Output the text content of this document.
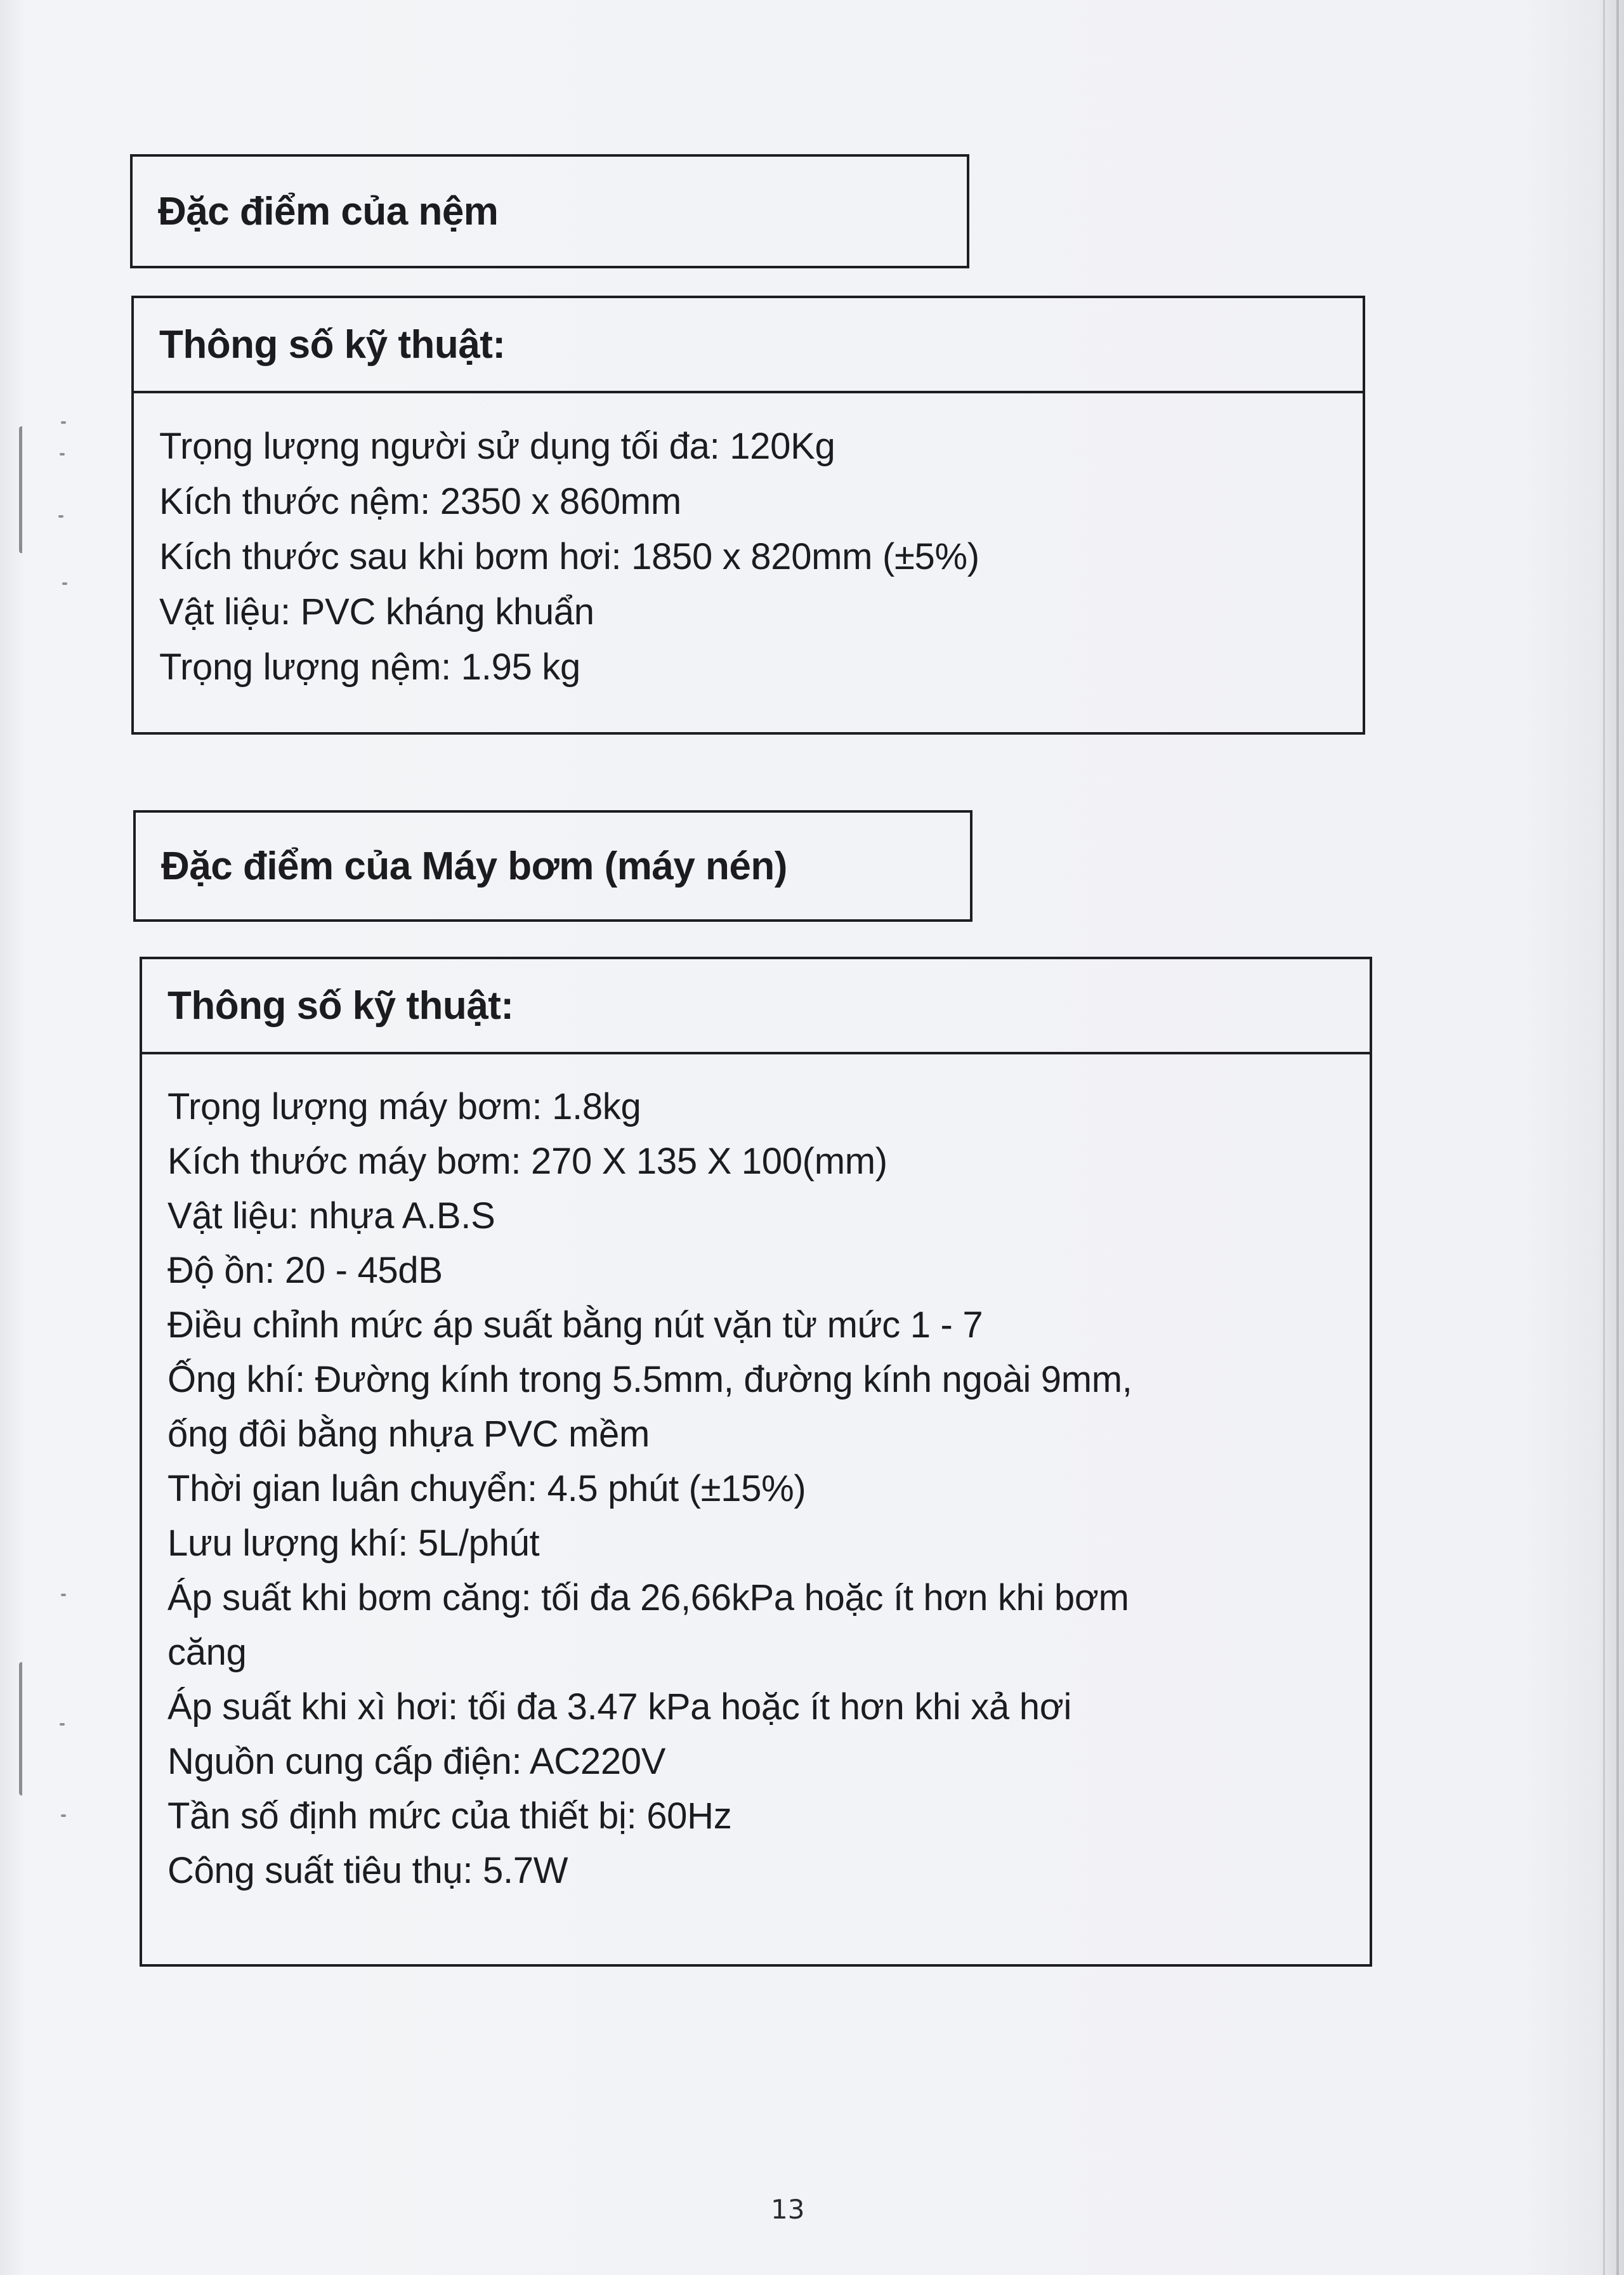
Đặc điểm của nệm
Thông số kỹ thuật:
Trọng lượng người sử dụng tối đa: 120Kg
Kích thước nệm: 2350 x 860mm
Kích thước sau khi bơm hơi: 1850 x 820mm (±5%)
Vật liệu: PVC kháng khuẩn
Trọng lượng nệm: 1.95 kg
Đặc điểm của Máy bơm (máy nén)
Thông số kỹ thuật:
Trọng lượng máy bơm: 1.8kg
Kích thước máy bơm: 270 X 135 X 100(mm)
Vật liệu: nhựa A.B.S
Độ ồn: 20 - 45dB
Điều chỉnh mức áp suất bằng nút vặn từ mức 1 - 7
Ống khí: Đường kính trong 5.5mm, đường kính ngoài 9mm,
ống đôi bằng nhựa PVC mềm
Thời gian luân chuyển: 4.5 phút (±15%)
Lưu lượng khí: 5L/phút
Áp suất khi bơm căng: tối đa 26,66kPa hoặc ít hơn khi bơm
căng
Áp suất khi xì hơi: tối đa 3.47 kPa hoặc ít hơn khi xả hơi
Nguồn cung cấp điện: AC220V
Tần số định mức của thiết bị: 60Hz
Công suất tiêu thụ: 5.7W
13
